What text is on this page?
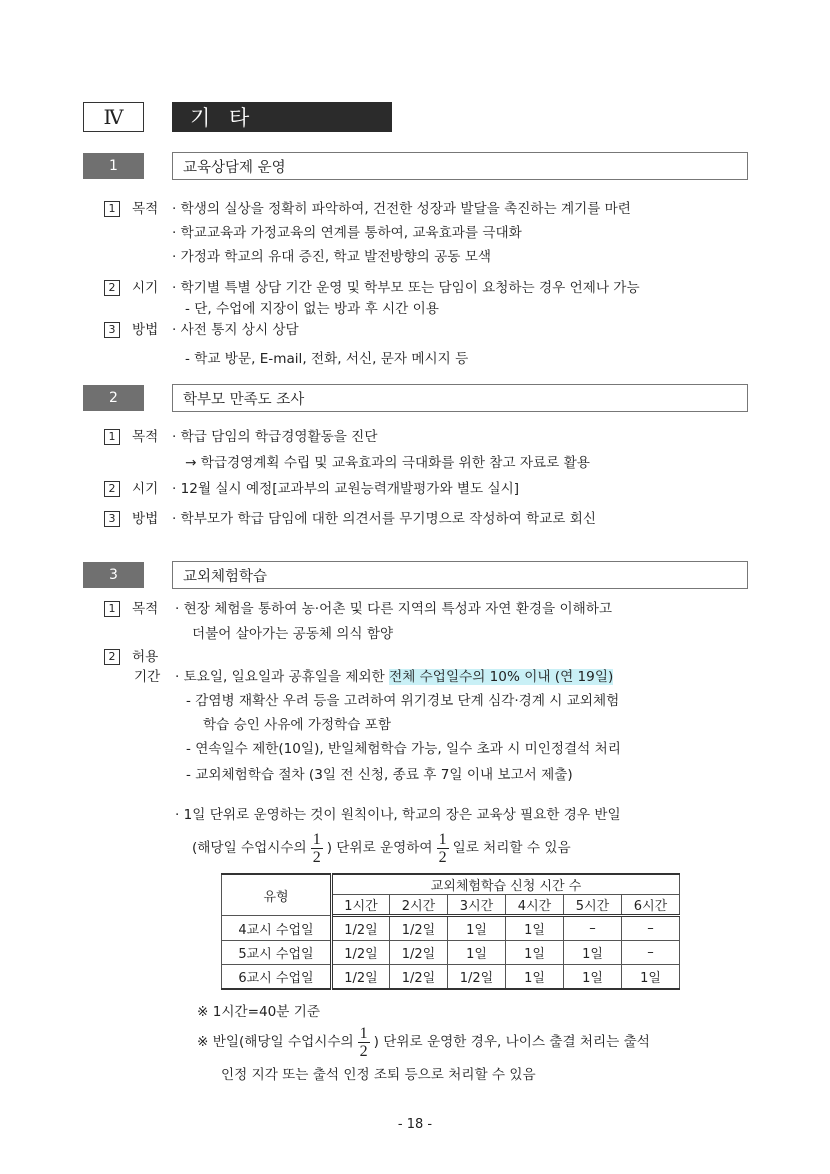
Ⅳ	기 타
1	교육상담제 운영
1 목적 · 학생의 실상을 정확히 파악하여, 건전한 성장과 발달을 촉진하는 계기를 마련
· 학교교육과 가정교육의 연계를 통하여, 교육효과를 극대화
· 가정과 학교의 유대 증진, 학교 발전방향의 공동 모색
2 시기 · 학기별 특별 상담 기간 운영 및 학부모 또는 담임이 요청하는 경우 언제나 가능
- 단, 수업에 지장이 없는 방과 후 시간 이용
3 방법 · 사전 통지 상시 상담
- 학교 방문, E-mail, 전화, 서신, 문자 메시지 등
2	학부모 만족도 조사
1 목적 · 학급 담임의 학급경영활동을 진단
→ 학급경영계획 수립 및 교육효과의 극대화를 위한 참고 자료로 활용
2 시기 · 12월 실시 예정[교과부의 교원능력개발평가와 별도 실시]
3 방법 · 학부모가 학급 담임에 대한 의견서를 무기명으로 작성하여 학교로 회신
3	교외체험학습
1 목적 · 현장 체험을 통하여 농·어촌 및 다른 지역의 특성과 자연 환경을 이해하고
더불어 살아가는 공동체 의식 함양
2 허용
기간 · 토요일, 일요일과 공휴일을 제외한 전체 수업일수의 10% 이내 (연 19일)
- 감염병 재확산 우려 등을 고려하여 위기경보 단계 심각·경계 시 교외체험
학습 승인 사유에 가정학습 포함
- 연속일수 제한(10일), 반일체험학습 가능, 일수 초과 시 미인정결석 처리
- 교외체험학습 절차 (3일 전 신청, 종료 후 7일 이내 보고서 제출)
· 1일 단위로 운영하는 것이 원칙이나, 학교의 장은 교육상 필요한 경우 반일
(해당일 수업시수의 $\frac{1}{2}$ ) 단위로 운영하여 $\frac{1}{2}$ 일로 처리할 수 있음
유형	교외체험학습 신청 시간 수					
	1시간	2시간	3시간	4시간	5시간	6시간
4교시 수업일	1/2일	1/2일	1일	1일	–	–
5교시 수업일	1/2일	1/2일	1일	1일	1일	–
6교시 수업일	1/2일	1/2일	1/2일	1일	1일	1일
※ 1시간=40분 기준
※ 반일(해당일 수업시수의 $\frac{1}{2}$ ) 단위로 운영한 경우, 나이스 출결 처리는 출석
인정 지각 또는 출석 인정 조퇴 등으로 처리할 수 있음
- 18 -
